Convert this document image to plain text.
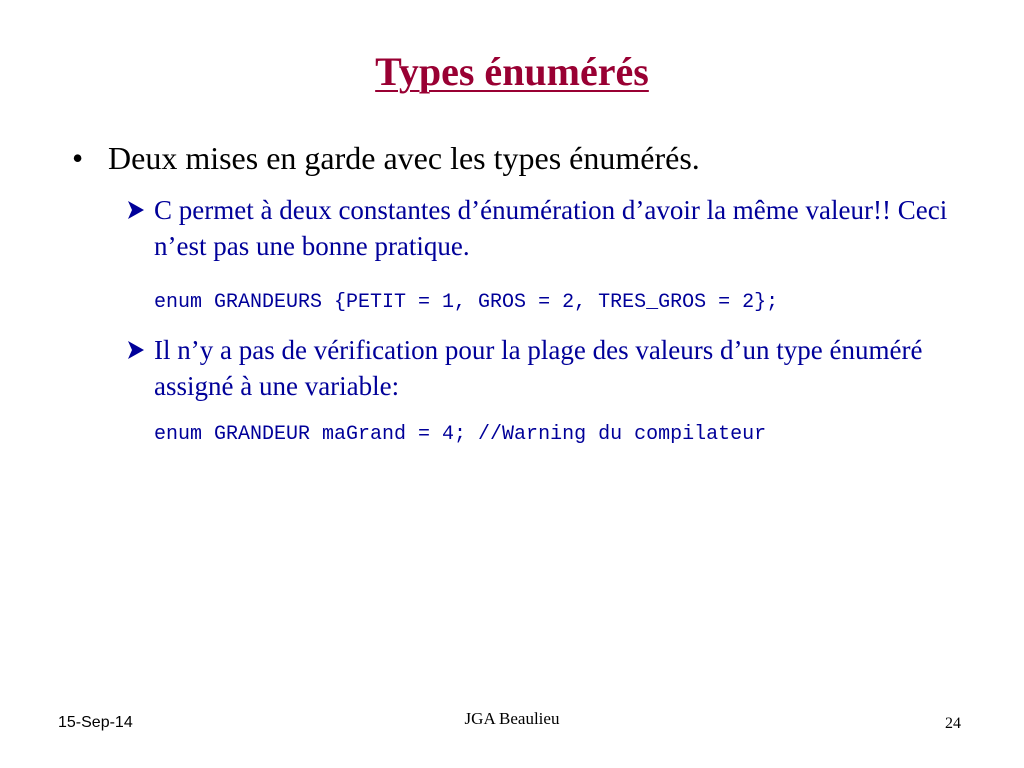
Types énumérés
• Deux mises en garde avec les types énumérés.
C permet à deux constantes d’énumération d’avoir la même valeur!! Ceci n’est pas une bonne pratique.
enum GRANDEURS {PETIT = 1, GROS = 2, TRES_GROS = 2};
Il n’y a pas de vérification pour la plage des valeurs d’un type énuméré assigné à une variable:
enum GRANDEUR maGrand = 4; //Warning du compilateur
15-Sep-14	JGA Beaulieu	24
